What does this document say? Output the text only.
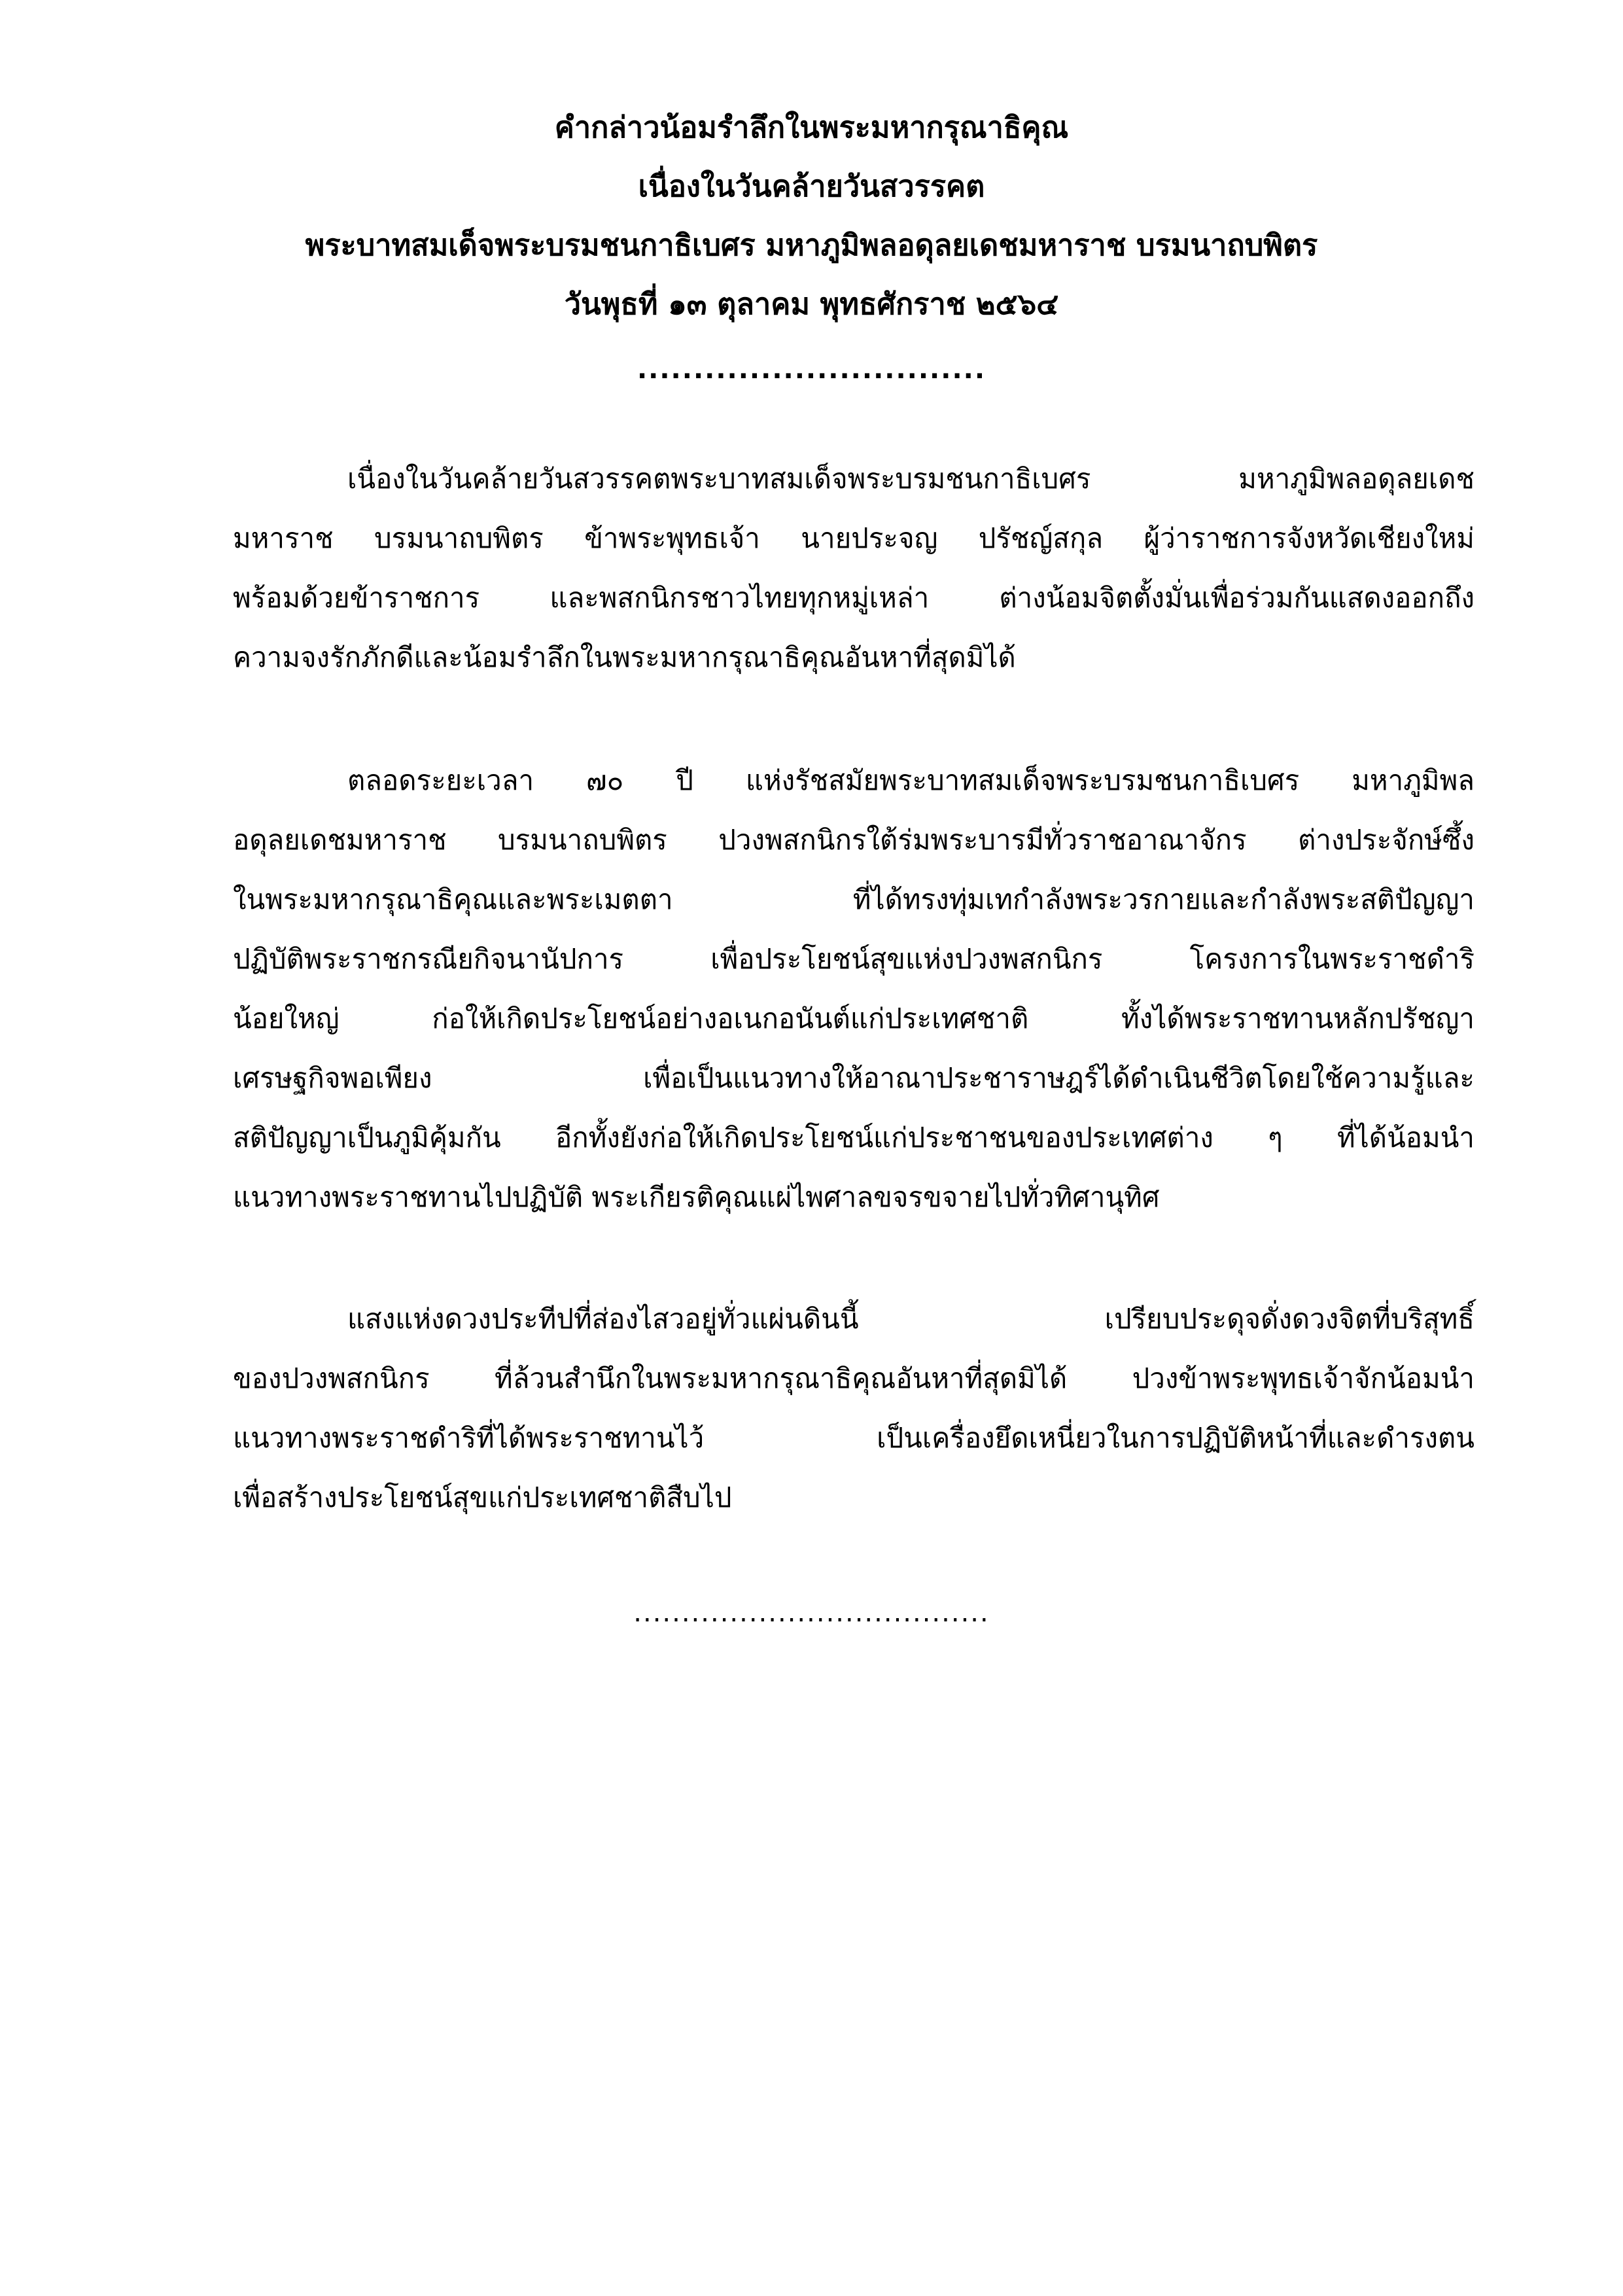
คำกล่าวน้อมรำลึกในพระมหากรุณาธิคุณ
เนื่องในวันคล้ายวันสวรรคต
พระบาทสมเด็จพระบรมชนกาธิเบศร มหาภูมิพลอดุลยเดชมหาราช บรมนาถบพิตร
วันพุธที่ ๑๓ ตุลาคม พุทธศักราช ๒๕๖๔
...............................
เนื่องในวันคล้ายวันสวรรคตพระบาทสมเด็จพระบรมชนกาธิเบศร มหาภูมิพลอดุลยเดช
มหาราช บรมนาถบพิตร ข้าพระพุทธเจ้า นายประจญ ปรัชญ์สกุล ผู้ว่าราชการจังหวัดเชียงใหม่
พร้อมด้วยข้าราชการ และพสกนิกรชาวไทยทุกหมู่เหล่า ต่างน้อมจิตตั้งมั่นเพื่อร่วมกันแสดงออกถึง
ความจงรักภักดีและน้อมรำลึกในพระมหากรุณาธิคุณอันหาที่สุดมิได้
ตลอดระยะเวลา ๗๐ ปี แห่งรัชสมัยพระบาทสมเด็จพระบรมชนกาธิเบศร มหาภูมิพล
อดุลยเดชมหาราช บรมนาถบพิตร ปวงพสกนิกรใต้ร่มพระบารมีทั่วราชอาณาจักร ต่างประจักษ์ซึ้ง
ในพระมหากรุณาธิคุณและพระเมตตา ที่ได้ทรงทุ่มเทกำลังพระวรกายและกำลังพระสติปัญญา
ปฏิบัติพระราชกรณียกิจนานัปการ เพื่อประโยชน์สุขแห่งปวงพสกนิกร โครงการในพระราชดำริ
น้อยใหญ่ ก่อให้เกิดประโยชน์อย่างอเนกอนันต์แก่ประเทศชาติ ทั้งได้พระราชทานหลักปรัชญา
เศรษฐกิจพอเพียง เพื่อเป็นแนวทางให้อาณาประชาราษฎร์ได้ดำเนินชีวิตโดยใช้ความรู้และ
สติปัญญาเป็นภูมิคุ้มกัน อีกทั้งยังก่อให้เกิดประโยชน์แก่ประชาชนของประเทศต่าง ๆ ที่ได้น้อมนำ
แนวทางพระราชทานไปปฏิบัติ พระเกียรติคุณแผ่ไพศาลขจรขจายไปทั่วทิศานุทิศ
แสงแห่งดวงประทีปที่ส่องไสวอยู่ทั่วแผ่นดินนี้ เปรียบประดุจดั่งดวงจิตที่บริสุทธิ์
ของปวงพสกนิกร ที่ล้วนสำนึกในพระมหากรุณาธิคุณอันหาที่สุดมิได้ ปวงข้าพระพุทธเจ้าจักน้อมนำ
แนวทางพระราชดำริที่ได้พระราชทานไว้ เป็นเครื่องยึดเหนี่ยวในการปฏิบัติหน้าที่และดำรงตน
เพื่อสร้างประโยชน์สุขแก่ประเทศชาติสืบไป
.....................................
